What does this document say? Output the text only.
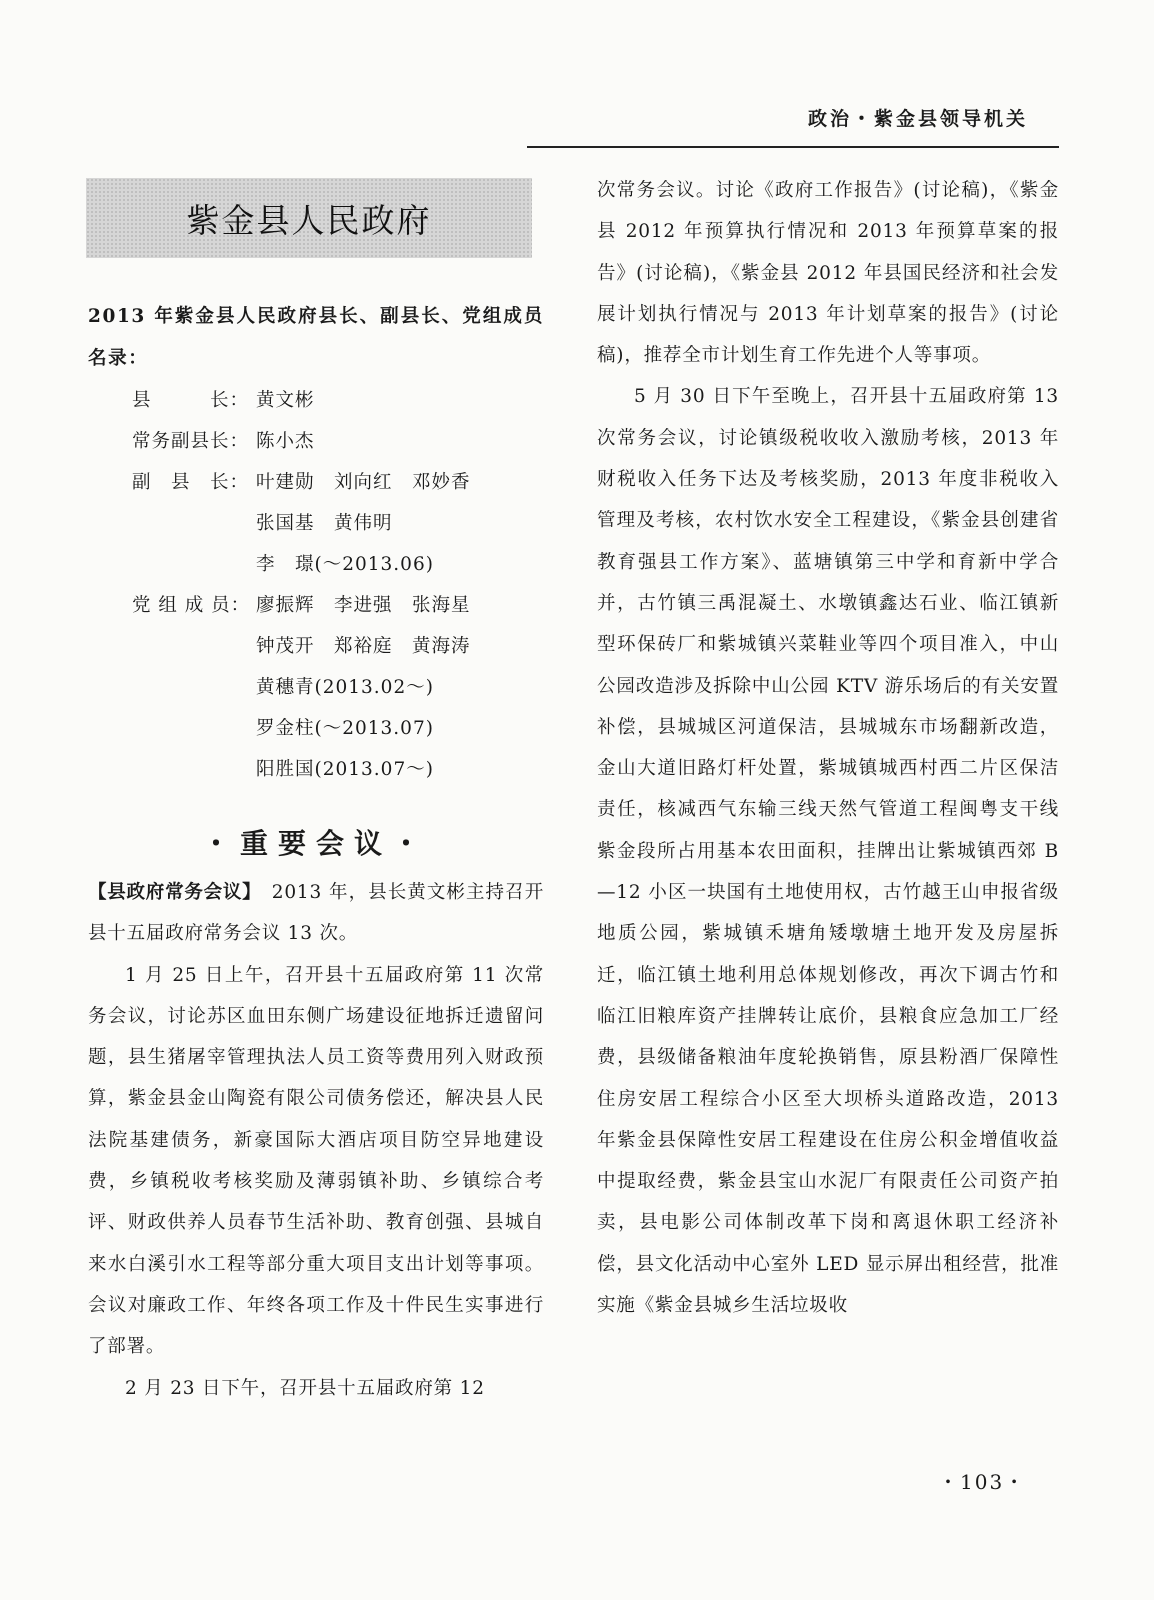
政治・紫金县领导机关
紫金县人民政府
2013 年紫金县人民政府县长、副县长、党组成员名录：
县　　　长： 黄文彬
常务副县长： 陈小杰
副　县　长： 叶建勋　刘向红　邓妙香
张国基　黄伟明
李　璟(～2013.06)
党 组 成 员： 廖振辉　李进强　张海星
钟茂开　郑裕庭　黄海涛
黄穗青(2013.02～)
罗金柱(～2013.07)
阳胜国(2013.07～)
・重要会议・

【县政府常务会议】　 2013 年，县长黄文彬主持召开县十五届政府常务会议 13 次。

1 月 25 日上午，召开县十五届政府第 11 次常务会议，讨论苏区血田东侧广场建设征地拆迁遗留问题，县生猪屠宰管理执法人员工资等费用列入财政预算，紫金县金山陶瓷有限公司债务偿还，解决县人民法院基建债务，新豪国际大酒店项目防空异地建设费，乡镇税收考核奖励及薄弱镇补助、乡镇综合考评、财政供养人员春节生活补助、教育创强、县城自来水白溪引水工程等部分重大项目支出计划等事项。会议对廉政工作、年终各项工作及十件民生实事进行了部署。

2 月 23 日下午，召开县十五届政府第 12

次常务会议。讨论《政府工作报告》(讨论稿)，《紫金县 2012 年预算执行情况和 2013 年预算草案的报告》(讨论稿)，《紫金县 2012 年县国民经济和社会发展计划执行情况与 2013 年计划草案的报告》(讨论稿)，推荐全市计划生育工作先进个人等事项。

5 月 30 日下午至晚上，召开县十五届政府第 13 次常务会议，讨论镇级税收收入激励考核，2013 年财税收入任务下达及考核奖励，2013 年度非税收入管理及考核，农村饮水安全工程建设，《紫金县创建省教育强县工作方案》、蓝塘镇第三中学和育新中学合并，古竹镇三禹混凝土、水墩镇鑫达石业、临江镇新型环保砖厂和紫城镇兴菜鞋业等四个项目准入，中山公园改造涉及拆除中山公园 KTV 游乐场后的有关安置补偿，县城城区河道保洁，县城城东市场翻新改造，金山大道旧路灯杆处置，紫城镇城西村西二片区保洁责任，核减西气东输三线天然气管道工程闽粤支干线紫金段所占用基本农田面积，挂牌出让紫城镇西郊 B—12 小区一块国有土地使用权，古竹越王山申报省级地质公园，紫城镇禾塘角矮墩塘土地开发及房屋拆迁，临江镇土地利用总体规划修改，再次下调古竹和临江旧粮库资产挂牌转让底价，县粮食应急加工厂经费，县级储备粮油年度轮换销售，原县粉酒厂保障性住房安居工程综合小区至大坝桥头道路改造，2013 年紫金县保障性安居工程建设在住房公积金增值收益中提取经费，紫金县宝山水泥厂有限责任公司资产拍卖，县电影公司体制改革下岗和离退休职工经济补偿，县文化活动中心室外 LED 显示屏出租经营，批准实施《紫金县城乡生活垃圾收

・103・
